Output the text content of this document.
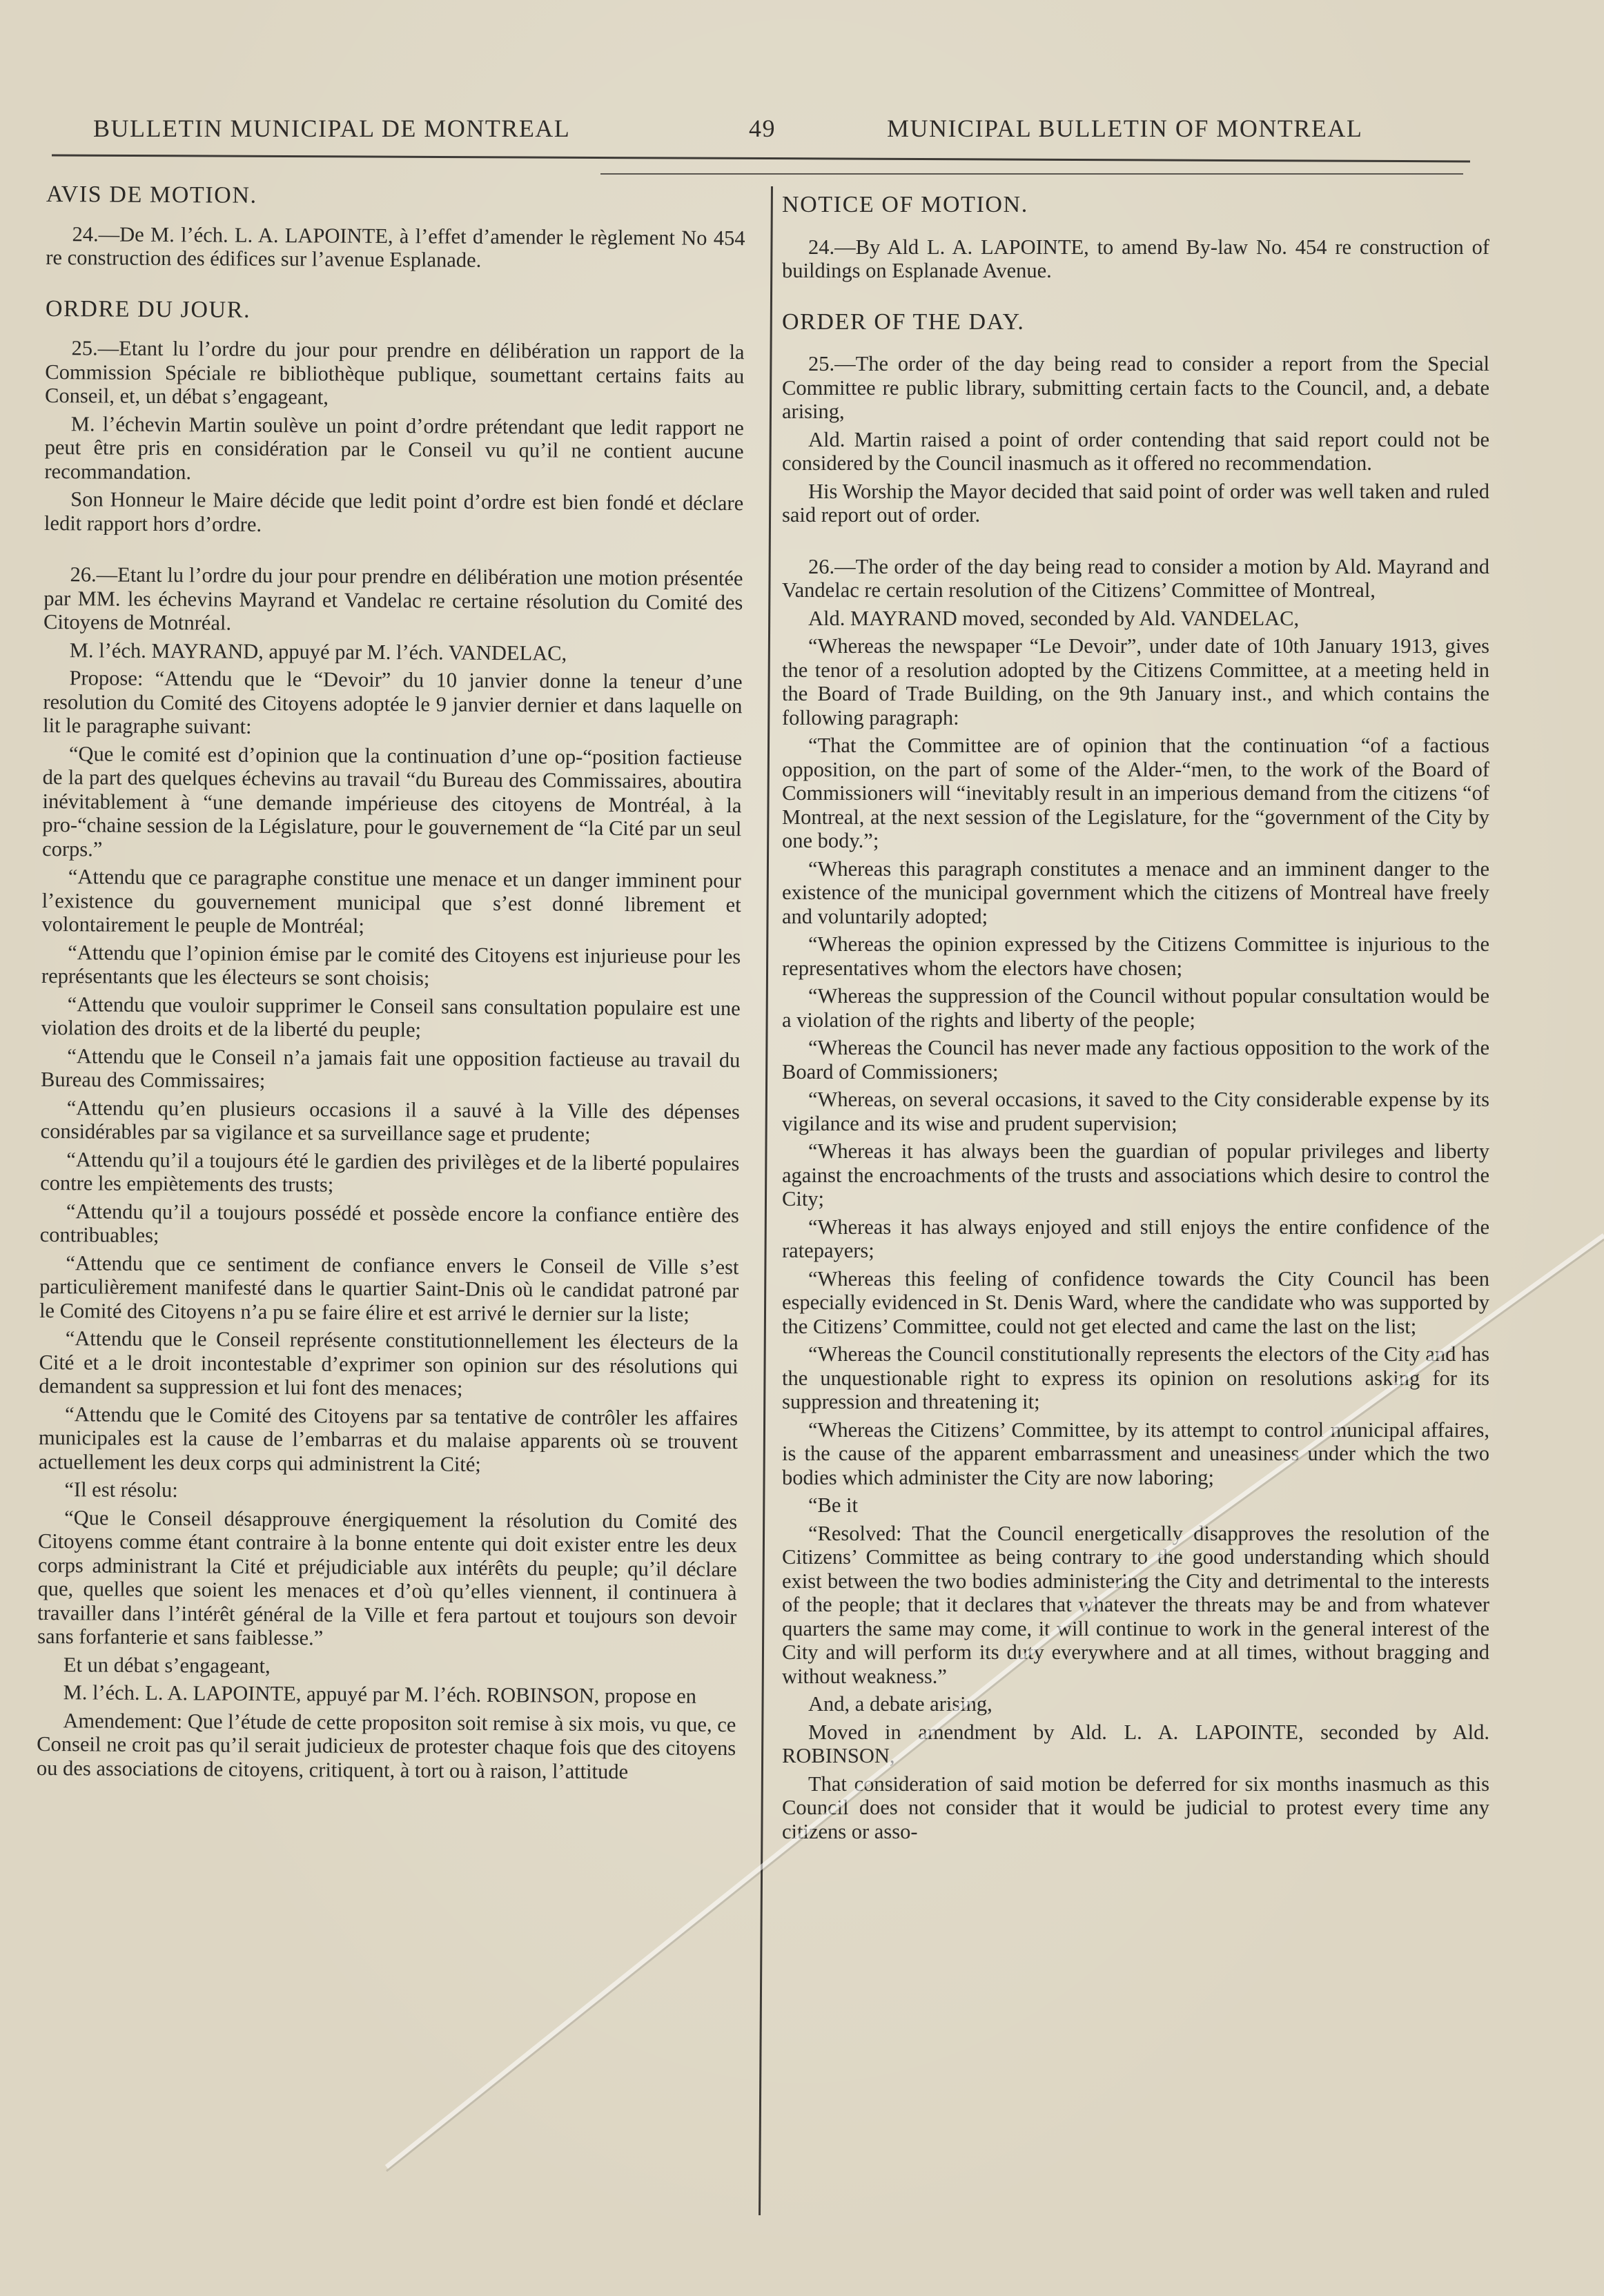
BULLETIN MUNICIPAL DE MONTREAL	49	MUNICIPAL BULLETIN OF MONTREAL
AVIS DE MOTION.
24.—De M. l’éch. L. A. LAPOINTE, à l’effet d’amender le règlement No 454 re construction des édifices sur l’avenue Esplanade.
ORDRE DU JOUR.
25.—Etant lu l’ordre du jour pour prendre en délibération un rapport de la Commission Spéciale re bibliothèque publique, soumettant certains faits au Conseil, et, un débat s’engageant,
M. l’échevin Martin soulève un point d’ordre prétendant que ledit rapport ne peut être pris en considération par le Conseil vu qu’il ne contient aucune recommandation.
Son Honneur le Maire décide que ledit point d’ordre est bien fondé et déclare ledit rapport hors d’ordre.
26.—Etant lu l’ordre du jour pour prendre en délibération une motion présentée par MM. les échevins Mayrand et Vandelac re certaine résolution du Comité des Citoyens de Motnréal.
M. l’éch. MAYRAND, appuyé par M. l’éch. VANDELAC,
Propose: “Attendu que le “Devoir” du 10 janvier donne la teneur d’une resolution du Comité des Citoyens adoptée le 9 janvier dernier et dans laquelle on lit le paragraphe suivant:
“Que le comité est d’opinion que la continuation d’une op-“position factieuse de la part des quelques échevins au travail “du Bureau des Commissaires, aboutira inévitablement à “une demande impérieuse des citoyens de Montréal, à la pro-“chaine session de la Législature, pour le gouvernement de “la Cité par un seul corps.”
“Attendu que ce paragraphe constitue une menace et un danger imminent pour l’existence du gouvernement municipal que s’est donné librement et volontairement le peuple de Montréal;
“Attendu que l’opinion émise par le comité des Citoyens est injurieuse pour les représentants que les électeurs se sont choisis;
“Attendu que vouloir supprimer le Conseil sans consultation populaire est une violation des droits et de la liberté du peuple;
“Attendu que le Conseil n’a jamais fait une opposition factieuse au travail du Bureau des Commissaires;
“Attendu qu’en plusieurs occasions il a sauvé à la Ville des dépenses considérables par sa vigilance et sa surveillance sage et prudente;
“Attendu qu’il a toujours été le gardien des privilèges et de la liberté populaires contre les empiètements des trusts;
“Attendu qu’il a toujours possédé et possède encore la confiance entière des contribuables;
“Attendu que ce sentiment de confiance envers le Conseil de Ville s’est particulièrement manifesté dans le quartier Saint-Dnis où le candidat patroné par le Comité des Citoyens n’a pu se faire élire et est arrivé le dernier sur la liste;
“Attendu que le Conseil représente constitutionnellement les électeurs de la Cité et a le droit incontestable d’exprimer son opinion sur des résolutions qui demandent sa suppression et lui font des menaces;
“Attendu que le Comité des Citoyens par sa tentative de contrôler les affaires municipales est la cause de l’embarras et du malaise apparents où se trouvent actuellement les deux corps qui administrent la Cité;
“Il est résolu:
“Que le Conseil désapprouve énergiquement la résolution du Comité des Citoyens comme étant contraire à la bonne entente qui doit exister entre les deux corps administrant la Cité et préjudiciable aux intérêts du peuple; qu’il déclare que, quelles que soient les menaces et d’où qu’elles viennent, il continuera à travailler dans l’intérêt général de la Ville et fera partout et toujours son devoir sans forfanterie et sans faiblesse.”
Et un débat s’engageant,
M. l’éch. L. A. LAPOINTE, appuyé par M. l’éch. ROBINSON, propose en
Amendement: Que l’étude de cette propositon soit remise à six mois, vu que, ce Conseil ne croit pas qu’il serait judicieux de protester chaque fois que des citoyens ou des associations de citoyens, critiquent, à tort ou à raison, l’attitude
NOTICE OF MOTION.
24.—By Ald L. A. LAPOINTE, to amend By-law No. 454 re construction of buildings on Esplanade Avenue.
ORDER OF THE DAY.
25.—The order of the day being read to consider a report from the Special Committee re public library, submitting certain facts to the Council, and, a debate arising,
Ald. Martin raised a point of order contending that said report could not be considered by the Council inasmuch as it offered no recommendation.
His Worship the Mayor decided that said point of order was well taken and ruled said report out of order.
26.—The order of the day being read to consider a motion by Ald. Mayrand and Vandelac re certain resolution of the Citizens’ Committee of Montreal,
Ald. MAYRAND moved, seconded by Ald. VANDELAC,
“Whereas the newspaper “Le Devoir”, under date of 10th January 1913, gives the tenor of a resolution adopted by the Citizens Committee, at a meeting held in the Board of Trade Building, on the 9th January inst., and which contains the following paragraph:
“That the Committee are of opinion that the continuation “of a factious opposition, on the part of some of the Alder-“men, to the work of the Board of Commissioners will “inevitably result in an imperious demand from the citizens “of Montreal, at the next session of the Legislature, for the “government of the City by one body.”;
“Whereas this paragraph constitutes a menace and an imminent danger to the existence of the municipal government which the citizens of Montreal have freely and voluntarily adopted;
“Whereas the opinion expressed by the Citizens Committee is injurious to the representatives whom the electors have chosen;
“Whereas the suppression of the Council without popular consultation would be a violation of the rights and liberty of the people;
“Whereas the Council has never made any factious opposition to the work of the Board of Commissioners;
“Whereas, on several occasions, it saved to the City considerable expense by its vigilance and its wise and prudent supervision;
“Whereas it has always been the guardian of popular privileges and liberty against the encroachments of the trusts and associations which desire to control the City;
“Whereas it has always enjoyed and still enjoys the entire confidence of the ratepayers;
“Whereas this feeling of confidence towards the City Council has been especially evidenced in St. Denis Ward, where the candidate who was supported by the Citizens’ Committee, could not get elected and came the last on the list;
“Whereas the Council constitutionally represents the electors of the City and has the unquestionable right to express its opinion on resolutions asking for its suppression and threatening it;
“Whereas the Citizens’ Committee, by its attempt to control municipal affaires, is the cause of the apparent embarrassment and uneasiness under which the two bodies which administer the City are now laboring;
“Be it
“Resolved: That the Council energetically disapproves the resolution of the Citizens’ Committee as being contrary to the good understanding which should exist between the two bodies administering the City and detrimental to the interests of the people; that it declares that whatever the threats may be and from whatever quarters the same may come, it will continue to work in the general interest of the City and will perform its duty everywhere and at all times, without bragging and without weakness.”
And, a debate arising,
Moved in amendment by Ald. L. A. LAPOINTE, seconded by Ald. ROBINSON,
That consideration of said motion be deferred for six months inasmuch as this Council does not consider that it would be judicial to protest every time any citizens or asso-
